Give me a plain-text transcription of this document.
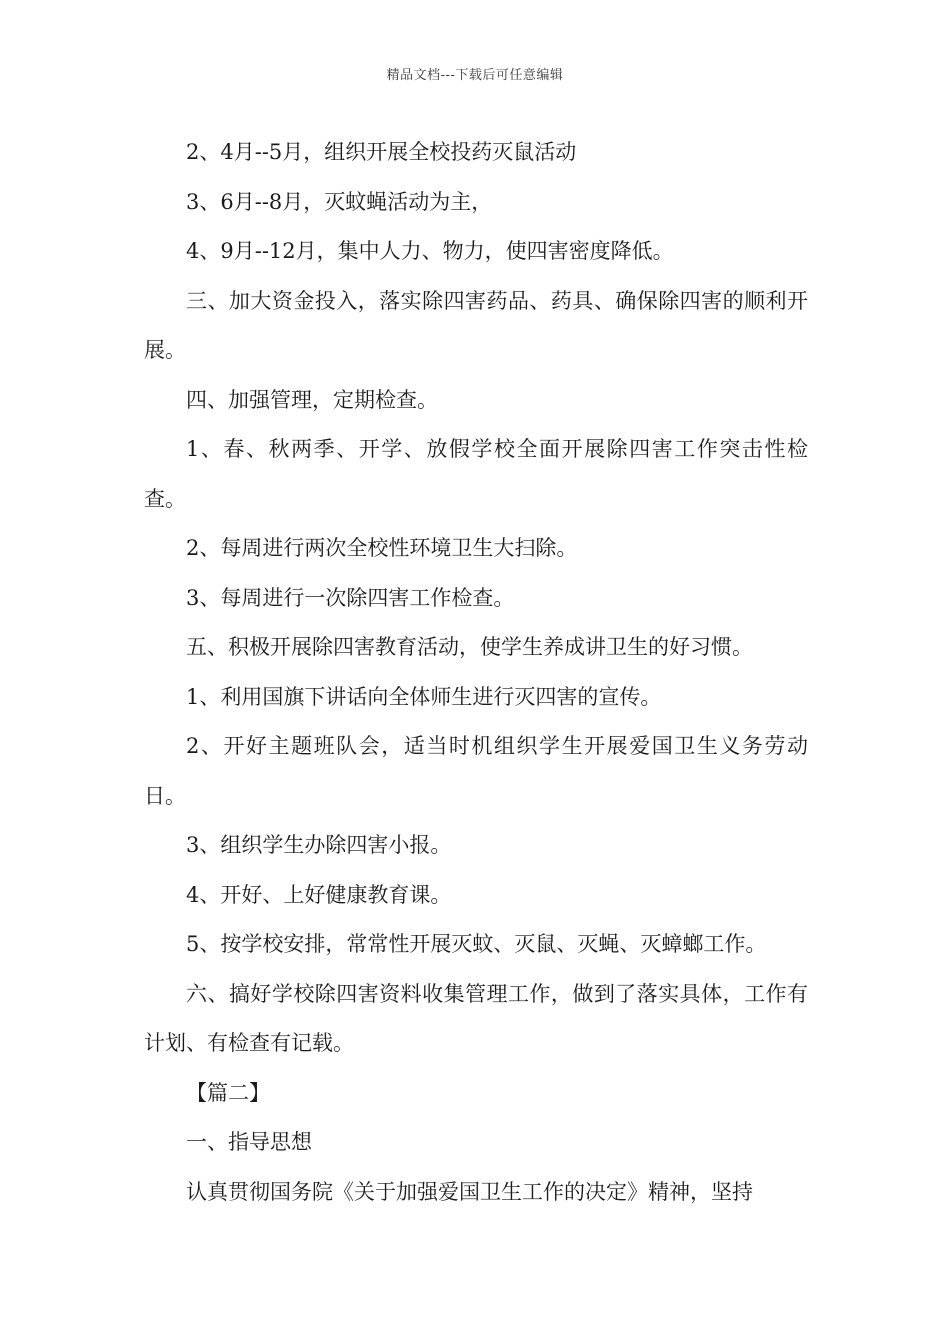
精品文档---下载后可任意编辑

2、4月--5月，组织开展全校投药灭鼠活动

3、6月--8月，灭蚊蝇活动为主，

4、9月--12月，集中人力、物力，使四害密度降低。

三、加大资金投入，落实除四害药品、药具、确保除四害的顺利开展。

四、加强管理，定期检查。

1、春、秋两季、开学、放假学校全面开展除四害工作突击性检查。

2、每周进行两次全校性环境卫生大扫除。

3、每周进行一次除四害工作检查。

五、积极开展除四害教育活动，使学生养成讲卫生的好习惯。

1、利用国旗下讲话向全体师生进行灭四害的宣传。

2、开好主题班队会，适当时机组织学生开展爱国卫生义务劳动日。

3、组织学生办除四害小报。

4、开好、上好健康教育课。

5、按学校安排，常常性开展灭蚊、灭鼠、灭蝇、灭蟑螂工作。

六、搞好学校除四害资料收集管理工作，做到了落实具体，工作有计划、有检查有记载。

【篇二】

一、指导思想

认真贯彻国务院《关于加强爱国卫生工作的决定》精神，坚持
